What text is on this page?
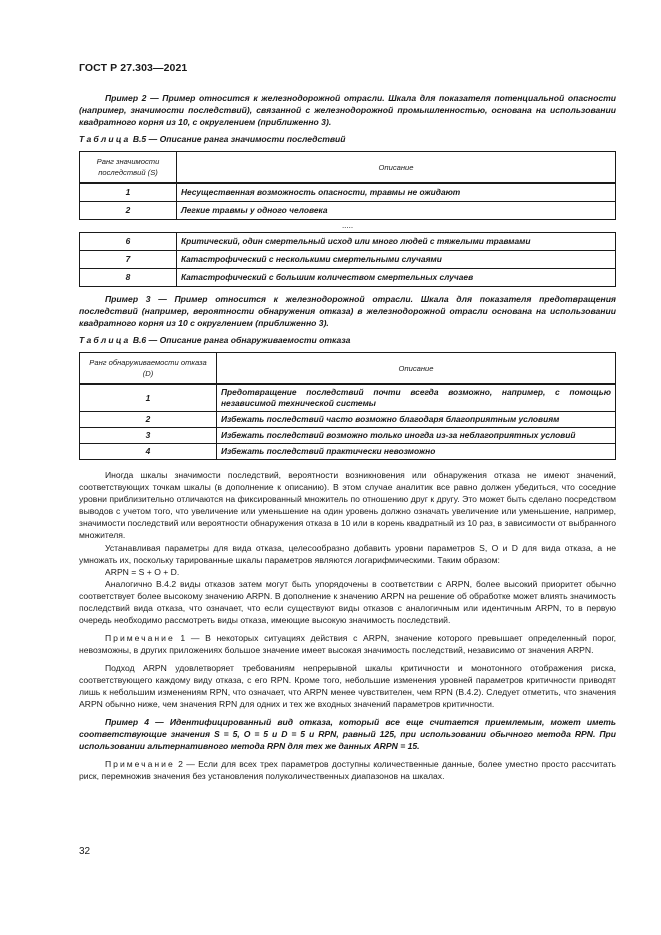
ГОСТ Р 27.303—2021

Пример 2 — Пример относится к железнодорожной отрасли. Шкала для показателя потенциальной опасности (например, значимости последствий), связанной с железнодорожной промышленностью, основана на использовании квадратного корня из 10, с округлением (приближенно 3).

Таблица В.5 — Описание ранга значимости последствий
Ранг значимости последствий (S)	Описание
1	Несущественная возможность опасности, травмы не ожидают
2	Легкие травмы у одного человека
.....
6	Критический, один смертельный исход или много людей с тяжелыми травмами
7	Катастрофический с несколькими смертельными случаями
8	Катастрофический с большим количеством смертельных случаев

Пример 3 — Пример относится к железнодорожной отрасли. Шкала для показателя предотвращения последствий (например, вероятности обнаружения отказа) в железнодорожной отрасли основана на использовании квадратного корня из 10 с округлением (приближенно 3).

Таблица В.6 — Описание ранга обнаруживаемости отказа
Ранг обнаруживаемости отказа (D)	Описание
1	Предотвращение последствий почти всегда возможно, например, с помощью независимой технической системы
2	Избежать последствий часто возможно благодаря благоприятным условиям
3	Избежать последствий возможно только иногда из-за неблагоприятных условий
4	Избежать последствий практически невозможно

Иногда шкалы значимости последствий, вероятности возникновения или обнаружения отказа не имеют значений, соответствующих точкам шкалы (в дополнение к описанию). В этом случае аналитик все равно должен убедиться, что соседние уровни приблизительно отличаются на фиксированный множитель по отношению друг к другу. Это может быть сделано посредством выводов с учетом того, что увеличение или уменьшение на один уровень должно означать увеличение или уменьшение, например, значимости последствий или вероятности обнаружения отказа в 10 или в корень квадратный из 10 раз, в зависимости от выбранного множителя.

Устанавливая параметры для вида отказа, целесообразно добавить уровни параметров S, O и D для вида отказа, а не умножать их, поскольку тарированные шкалы параметров являются логарифмическими. Таким образом:

ARPN = S + O + D.

Аналогично В.4.2 виды отказов затем могут быть упорядочены в соответствии с ARPN, более высокий приоритет обычно соответствует более высокому значению ARPN. В дополнение к значению ARPN на решение об обработке может влиять значимость последствий вида отказа, что означает, что если существуют виды отказов с аналогичным или идентичным ARPN, то в первую очередь необходимо рассмотреть виды отказа, имеющие высокую значимость последствий.

Примечание 1 — В некоторых ситуациях действия с ARPN, значение которого превышает определенный порог, невозможны, в других приложениях большое значение имеет высокая значимость последствий, независимо от значения ARPN.

Подход ARPN удовлетворяет требованиям непрерывной шкалы критичности и монотонного отображения риска, соответствующего каждому виду отказа, с его RPN. Кроме того, небольшие изменения уровней параметров критичности приводят лишь к небольшим изменениям RPN, что означает, что ARPN менее чувствителен, чем RPN (В.4.2). Следует отметить, что значения ARPN обычно ниже, чем значения RPN для одних и тех же входных значений параметров критичности.

Пример 4 — Идентифицированный вид отказа, который все еще считается приемлемым, может иметь соответствующие значения S = 5, O = 5 и D = 5 и RPN, равный 125, при использовании обычного метода RPN. При использовании альтернативного метода RPN для тех же данных ARPN = 15.

Примечание 2 — Если для всех трех параметров доступны количественные данные, более уместно просто рассчитать риск, перемножив значения без установления полуколичественных диапазонов на шкалах.

32
